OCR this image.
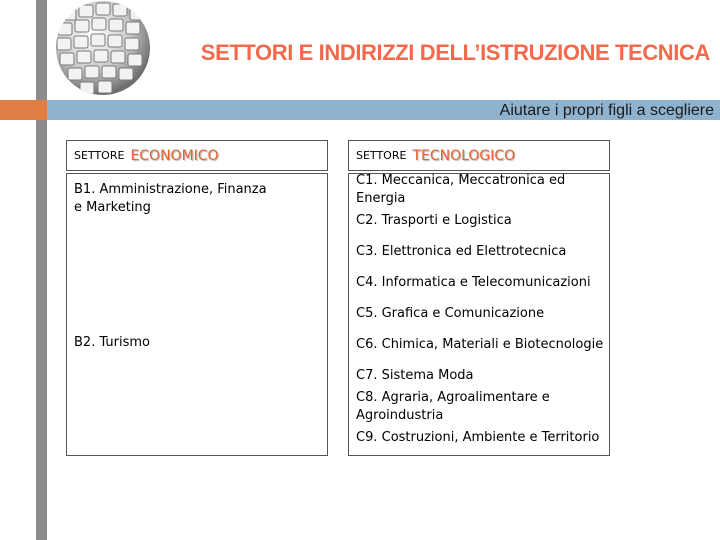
SETTORI E INDIRIZZI DELL’ISTRUZIONE TECNICA
Aiutare i propri figli a scegliere
SETTORE ECONOMICO
B1. Amministrazione, Finanza e Marketing
B2. Turismo
SETTORE TECNOLOGICO
C1. Meccanica, Meccatronica ed Energia
C2. Trasporti e Logistica
C3. Elettronica ed Elettrotecnica
C4. Informatica e Telecomunicazioni
C5. Grafica e Comunicazione
C6. Chimica, Materiali e Biotecnologie
C7. Sistema Moda
C8. Agraria, Agroalimentare e Agroindustria
C9. Costruzioni, Ambiente e Territorio
